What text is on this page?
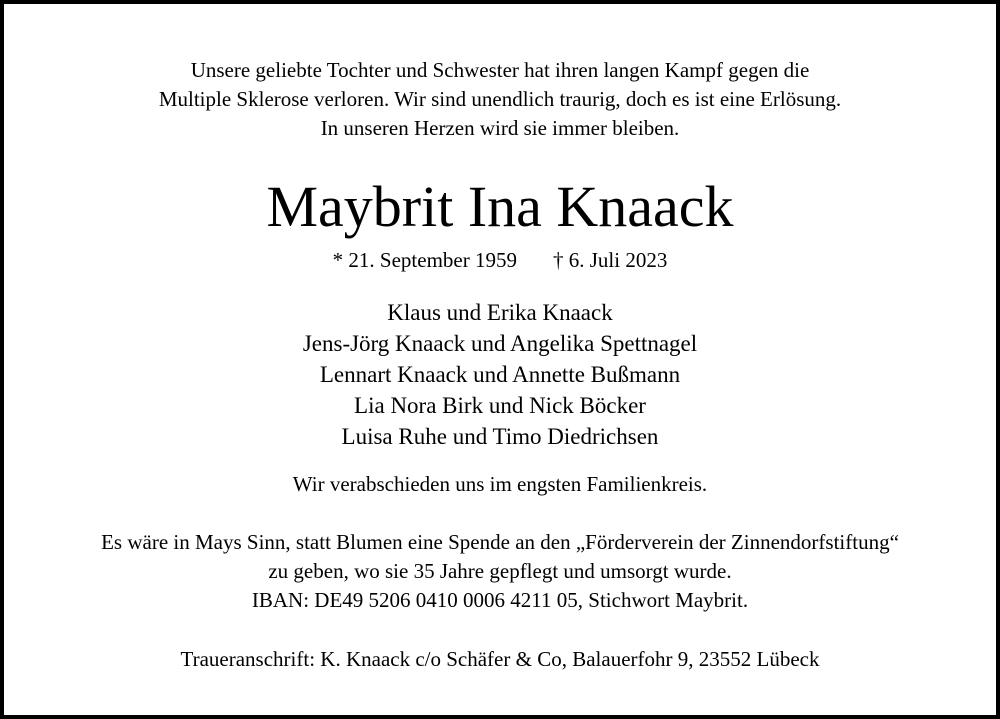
Unsere geliebte Tochter und Schwester hat ihren langen Kampf gegen die
Multiple Sklerose verloren. Wir sind unendlich traurig, doch es ist eine Erlösung.
In unseren Herzen wird sie immer bleiben.

Maybrit Ina Knaack

* 21. September 1959 † 6. Juli 2023

Klaus und Erika Knaack
Jens-Jörg Knaack und Angelika Spettnagel
Lennart Knaack und Annette Bußmann
Lia Nora Birk und Nick Böcker
Luisa Ruhe und Timo Diedrichsen

Wir verabschieden uns im engsten Familienkreis.

Es wäre in Mays Sinn, statt Blumen eine Spende an den „Förderverein der Zinnendorfstiftung“
zu geben, wo sie 35 Jahre gepflegt und umsorgt wurde.
IBAN: DE49 5206 0410 0006 4211 05, Stichwort Maybrit.

Traueranschrift: K. Knaack c/o Schäfer & Co, Balauerfohr 9, 23552 Lübeck
